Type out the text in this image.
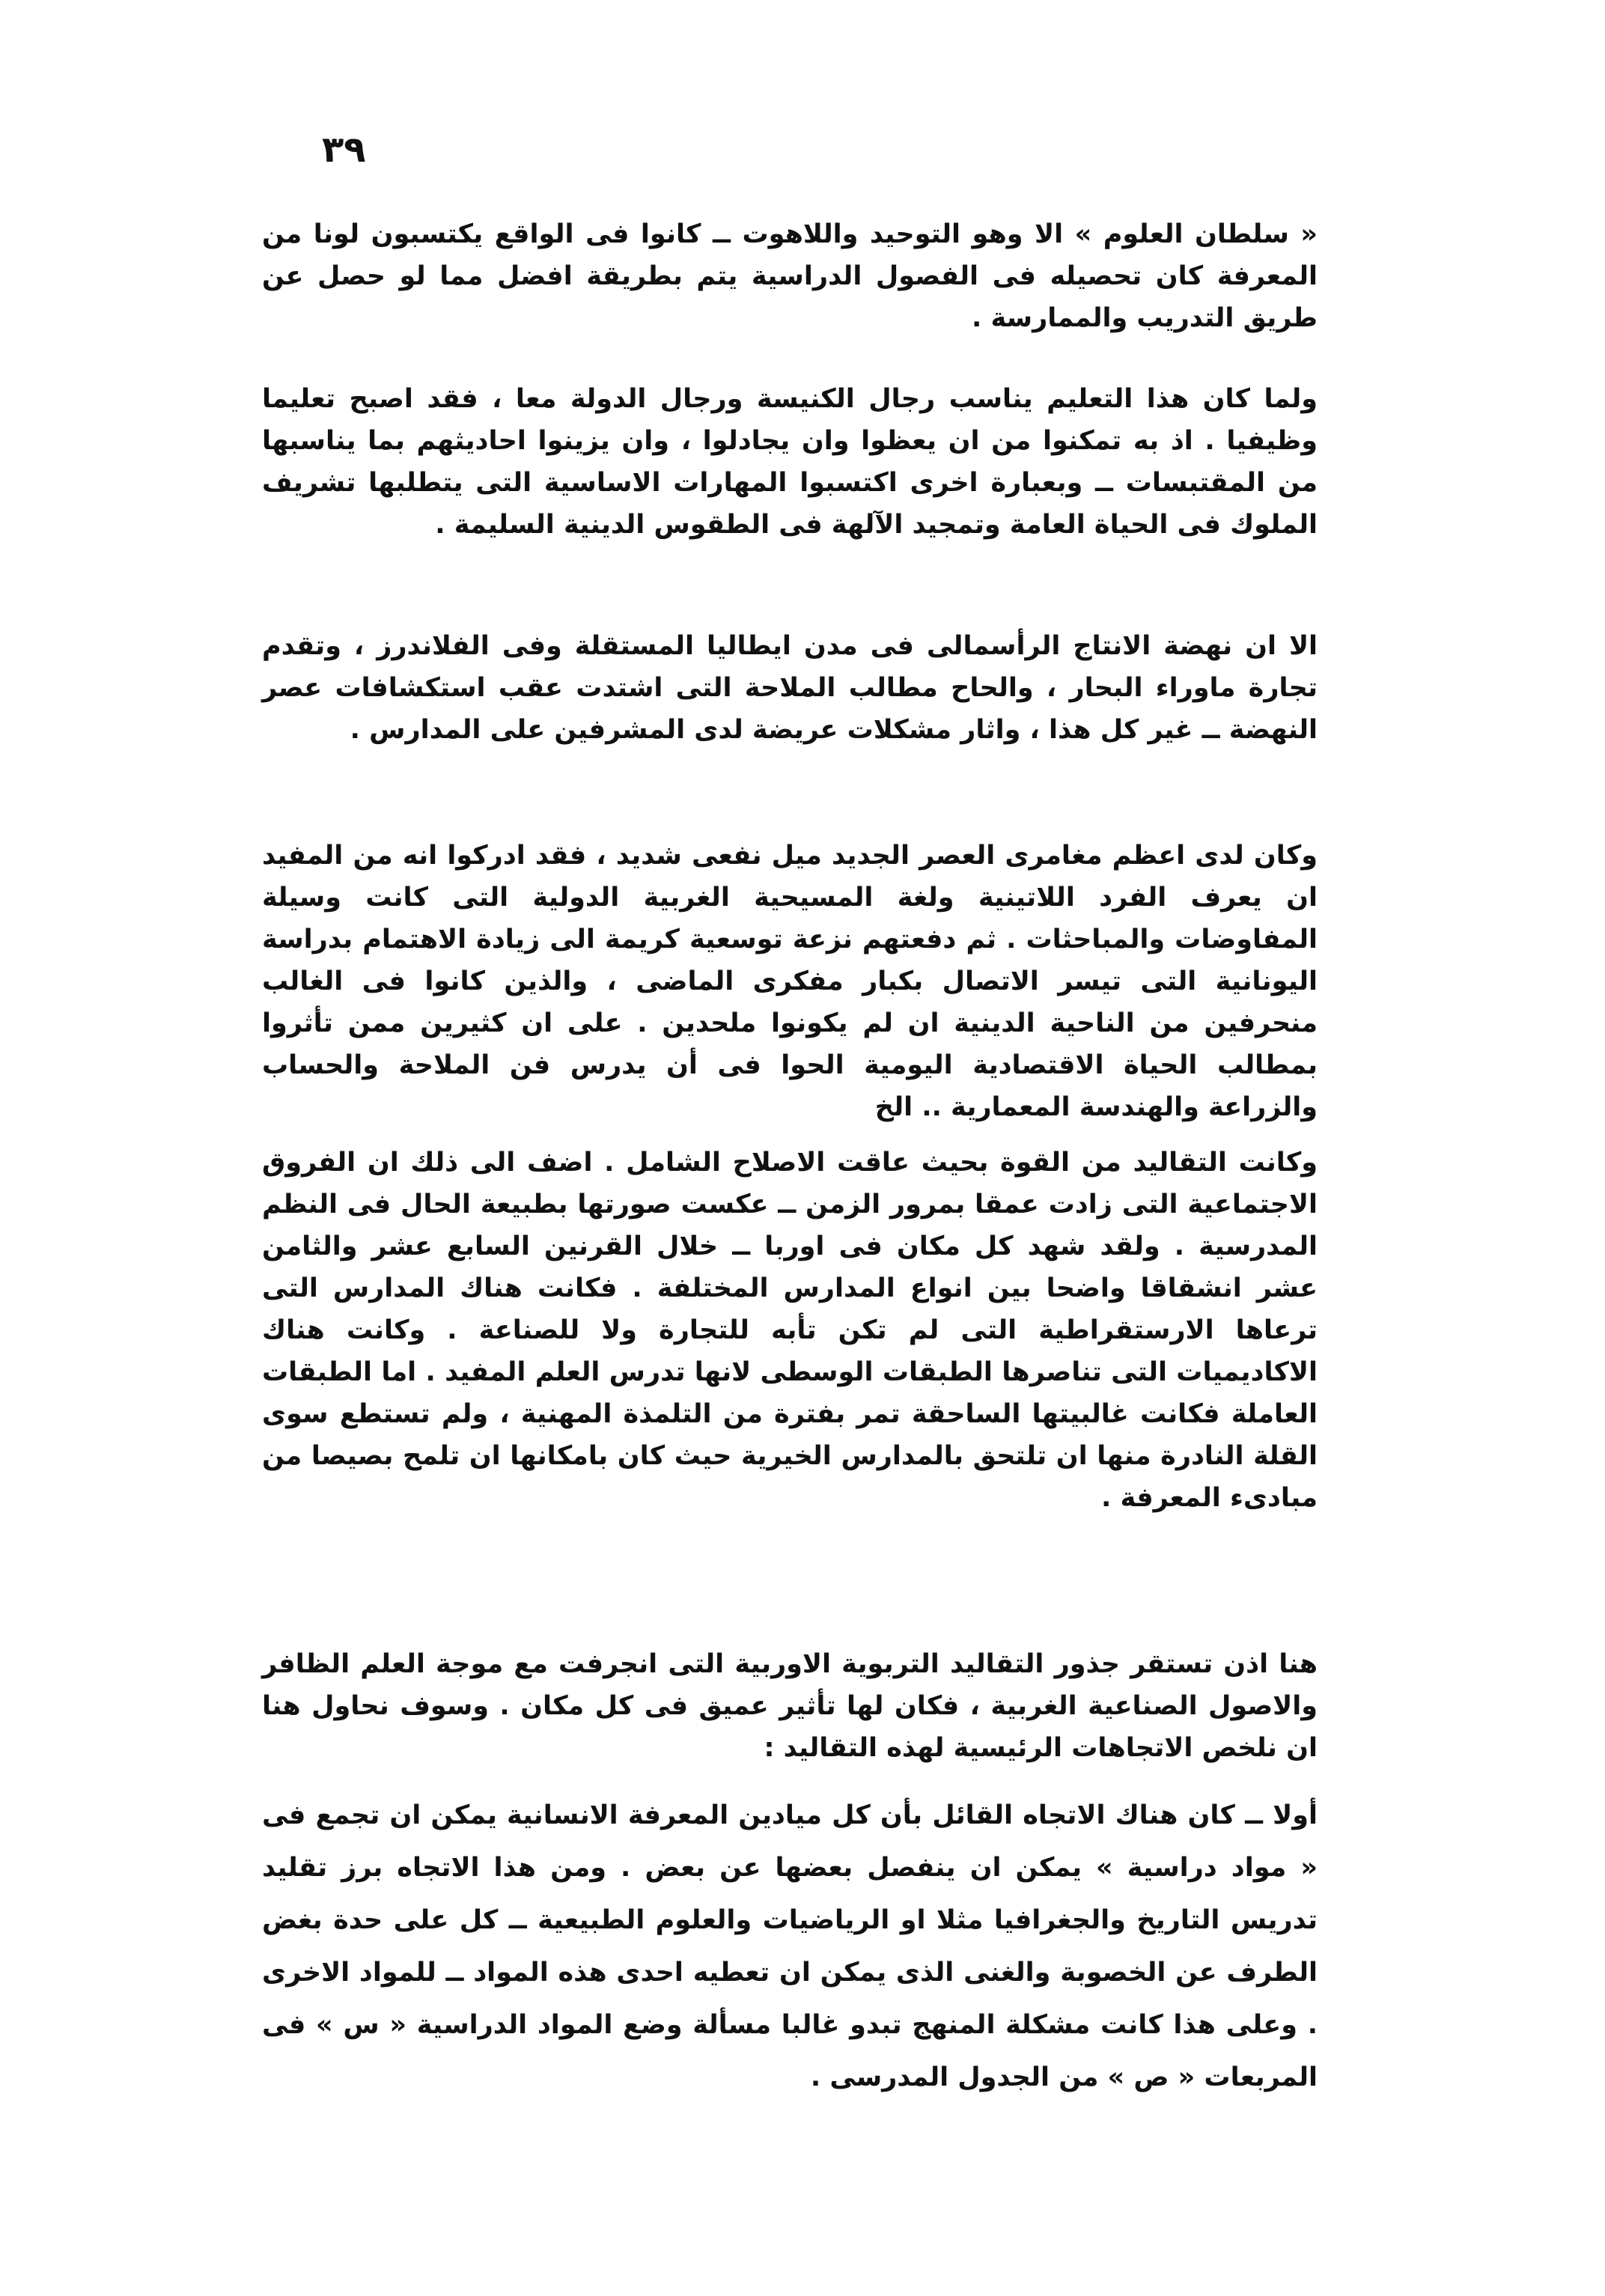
٣٩

« سلطان العلوم » الا وهو التوحيد واللاهوت ــ كانوا فى الواقع يكتسبون لونا من المعرفة كان تحصيله فى الفصول الدراسية يتم بطريقة افضل مما لو حصل عن طريق التدريب والممارسة .

ولما كان هذا التعليم يناسب رجال الكنيسة ورجال الدولة معا ، فقد اصبح تعليما وظيفيا . اذ به تمكنوا من ان يعظوا وان يجادلوا ، وان يزينوا احاديثهم بما يناسبها من المقتبسات ــ وبعبارة اخرى اكتسبوا المهارات الاساسية التى يتطلبها تشريف الملوك فى الحياة العامة وتمجيد الآلهة فى الطقوس الدينية السليمة .

الا ان نهضة الانتاج الرأسمالى فى مدن ايطاليا المستقلة وفى الفلاندرز ، وتقدم تجارة ماوراء البحار ، والحاح مطالب الملاحة التى اشتدت عقب استكشافات عصر النهضة ــ غير كل هذا ، واثار مشكلات عريضة لدى المشرفين على المدارس .

وكان لدى اعظم مغامرى العصر الجديد ميل نفعى شديد ، فقد ادركوا انه من المفيد ان يعرف الفرد اللاتينية ولغة المسيحية الغربية الدولية التى كانت وسيلة المفاوضات والمباحثات . ثم دفعتهم نزعة توسعية كريمة الى زيادة الاهتمام بدراسة اليونانية التى تيسر الاتصال بكبار مفكرى الماضى ، والذين كانوا فى الغالب منحرفين من الناحية الدينية ان لم يكونوا ملحدين . على ان كثيرين ممن تأثروا بمطالب الحياة الاقتصادية اليومية الحوا فى أن يدرس فن الملاحة والحساب والزراعة والهندسة المعمارية .. الخ

وكانت التقاليد من القوة بحيث عاقت الاصلاح الشامل . اضف الى ذلك ان الفروق الاجتماعية التى زادت عمقا بمرور الزمن ــ عكست صورتها بطبيعة الحال فى النظم المدرسية . ولقد شهد كل مكان فى اوربا ــ خلال القرنين السابع عشر والثامن عشر انشقاقا واضحا بين انواع المدارس المختلفة . فكانت هناك المدارس التى ترعاها الارستقراطية التى لم تكن تأبه للتجارة ولا للصناعة . وكانت هناك الاكاديميات التى تناصرها الطبقات الوسطى لانها تدرس العلم المفيد . اما الطبقات العاملة فكانت غالبيتها الساحقة تمر بفترة من التلمذة المهنية ، ولم تستطع سوى القلة النادرة منها ان تلتحق بالمدارس الخيرية حيث كان بامكانها ان تلمح بصيصا من مبادىء المعرفة .

هنا اذن تستقر جذور التقاليد التربوية الاوربية التى انجرفت مع موجة العلم الظافر والاصول الصناعية الغربية ، فكان لها تأثير عميق فى كل مكان . وسوف نحاول هنا ان نلخص الاتجاهات الرئيسية لهذه التقاليد :

أولا ــ كان هناك الاتجاه القائل بأن كل ميادين المعرفة الانسانية يمكن ان تجمع فى « مواد دراسية » يمكن ان ينفصل بعضها عن بعض . ومن هذا الاتجاه برز تقليد تدريس التاريخ والجغرافيا مثلا او الرياضيات والعلوم الطبيعية ــ كل على حدة بغض الطرف عن الخصوبة والغنى الذى يمكن ان تعطيه احدى هذه المواد ــ للمواد الاخرى . وعلى هذا كانت مشكلة المنهج تبدو غالبا مسألة وضع المواد الدراسية « س » فى المربعات « ص » من الجدول المدرسى .
